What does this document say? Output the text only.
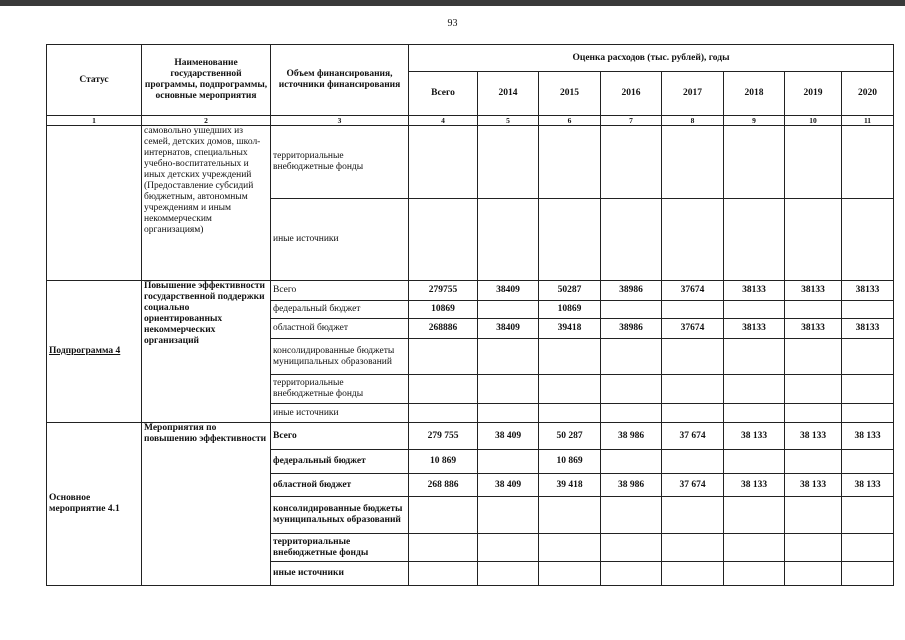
93
Статус	Наименование государственной программы, подпрограммы, основные мероприятия	Объем финансирования, источники финансирования	Оценка расходов (тыс. рублей), годы							
			Всего	2014	2015	2016	2017	2018	2019	2020
1	2	3	4	5	6	7	8	9	10	11
	самовольно ушедших из семей, детских домов, школ-интернатов, специальных учебно-воспитательных и иных детских учреждений (Предоставление субсидий бюджетным, автономным учреждениям и иным некоммерческим организациям)	территориальные внебюджетные фонды								
		иные источники								
Подпрограмма 4	Повышение эффективности государственной поддержки социально ориентированных некоммерческих организаций	Всего	279755	38409	50287	38986	37674	38133	38133	38133
		федеральный бюджет	10869		10869					
		областной бюджет	268886	38409	39418	38986	37674	38133	38133	38133
		консолидированные бюджеты муниципальных образований								
		территориальные внебюджетные фонды								
		иные источники								
Основное мероприятие 4.1	Мероприятия по повышению эффективности	Всего	279 755	38 409	50 287	38 986	37 674	38 133	38 133	38 133
		федеральный бюджет	10 869		10 869					
		областной бюджет	268 886	38 409	39 418	38 986	37 674	38 133	38 133	38 133
		консолидированные бюджеты муниципальных образований								
		территориальные внебюджетные фонды								
		иные источники								
